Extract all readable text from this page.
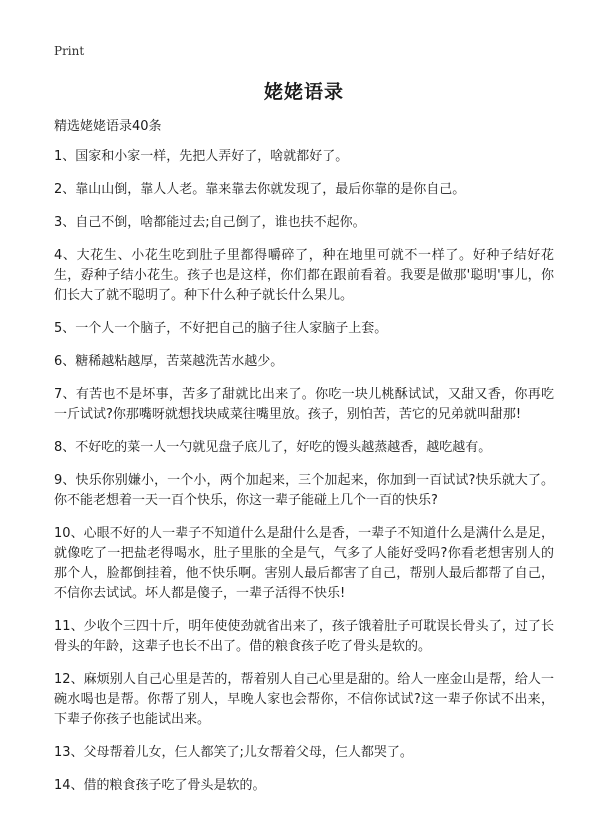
Print
姥姥语录
精选姥姥语录40条

1、国家和小家一样，先把人弄好了，啥就都好了。

2、靠山山倒，靠人人老。靠来靠去你就发现了，最后你靠的是你自己。

3、自己不倒，啥都能过去;自己倒了，谁也扶不起你。

4、大花生、小花生吃到肚子里都得嚼碎了，种在地里可就不一样了。好种子结好花生，孬种子结小花生。孩子也是这样，你们都在跟前看着。我要是做那'聪明'事儿，你们长大了就不聪明了。种下什么种子就长什么果儿。

5、一个人一个脑子，不好把自己的脑子往人家脑子上套。

6、糖稀越粘越厚，苦菜越洗苦水越少。

7、有苦也不是坏事，苦多了甜就比出来了。你吃一块儿桃酥试试，又甜又香，你再吃一斤试试?你那嘴呀就想找块咸菜往嘴里放。孩子，别怕苦，苦它的兄弟就叫甜那!

8、不好吃的菜一人一勺就见盘子底儿了，好吃的馒头越蒸越香，越吃越有。

9、快乐你别嫌小，一个小，两个加起来，三个加起来，你加到一百试试?快乐就大了。你不能老想着一天一百个快乐，你这一辈子能碰上几个一百的快乐?

10、心眼不好的人一辈子不知道什么是甜什么是香，一辈子不知道什么是满什么是足，就像吃了一把盐老得喝水，肚子里胀的全是气，气多了人能好受吗?你看老想害别人的那个人，脸都倒挂着，他不快乐啊。害别人最后都害了自己，帮别人最后都帮了自己，不信你去试试。坏人都是傻子，一辈子活得不快乐!

11、少收个三四十斤，明年使使劲就省出来了，孩子饿着肚子可耽误长骨头了，过了长骨头的年龄，这辈子也长不出了。借的粮食孩子吃了骨头是软的。

12、麻烦别人自己心里是苦的，帮着别人自己心里是甜的。给人一座金山是帮，给人一碗水喝也是帮。你帮了别人，早晚人家也会帮你，不信你试试?这一辈子你试不出来，下辈子你孩子也能试出来。

13、父母帮着儿女，仨人都笑了;儿女帮着父母，仨人都哭了。

14、借的粮食孩子吃了骨头是软的。
